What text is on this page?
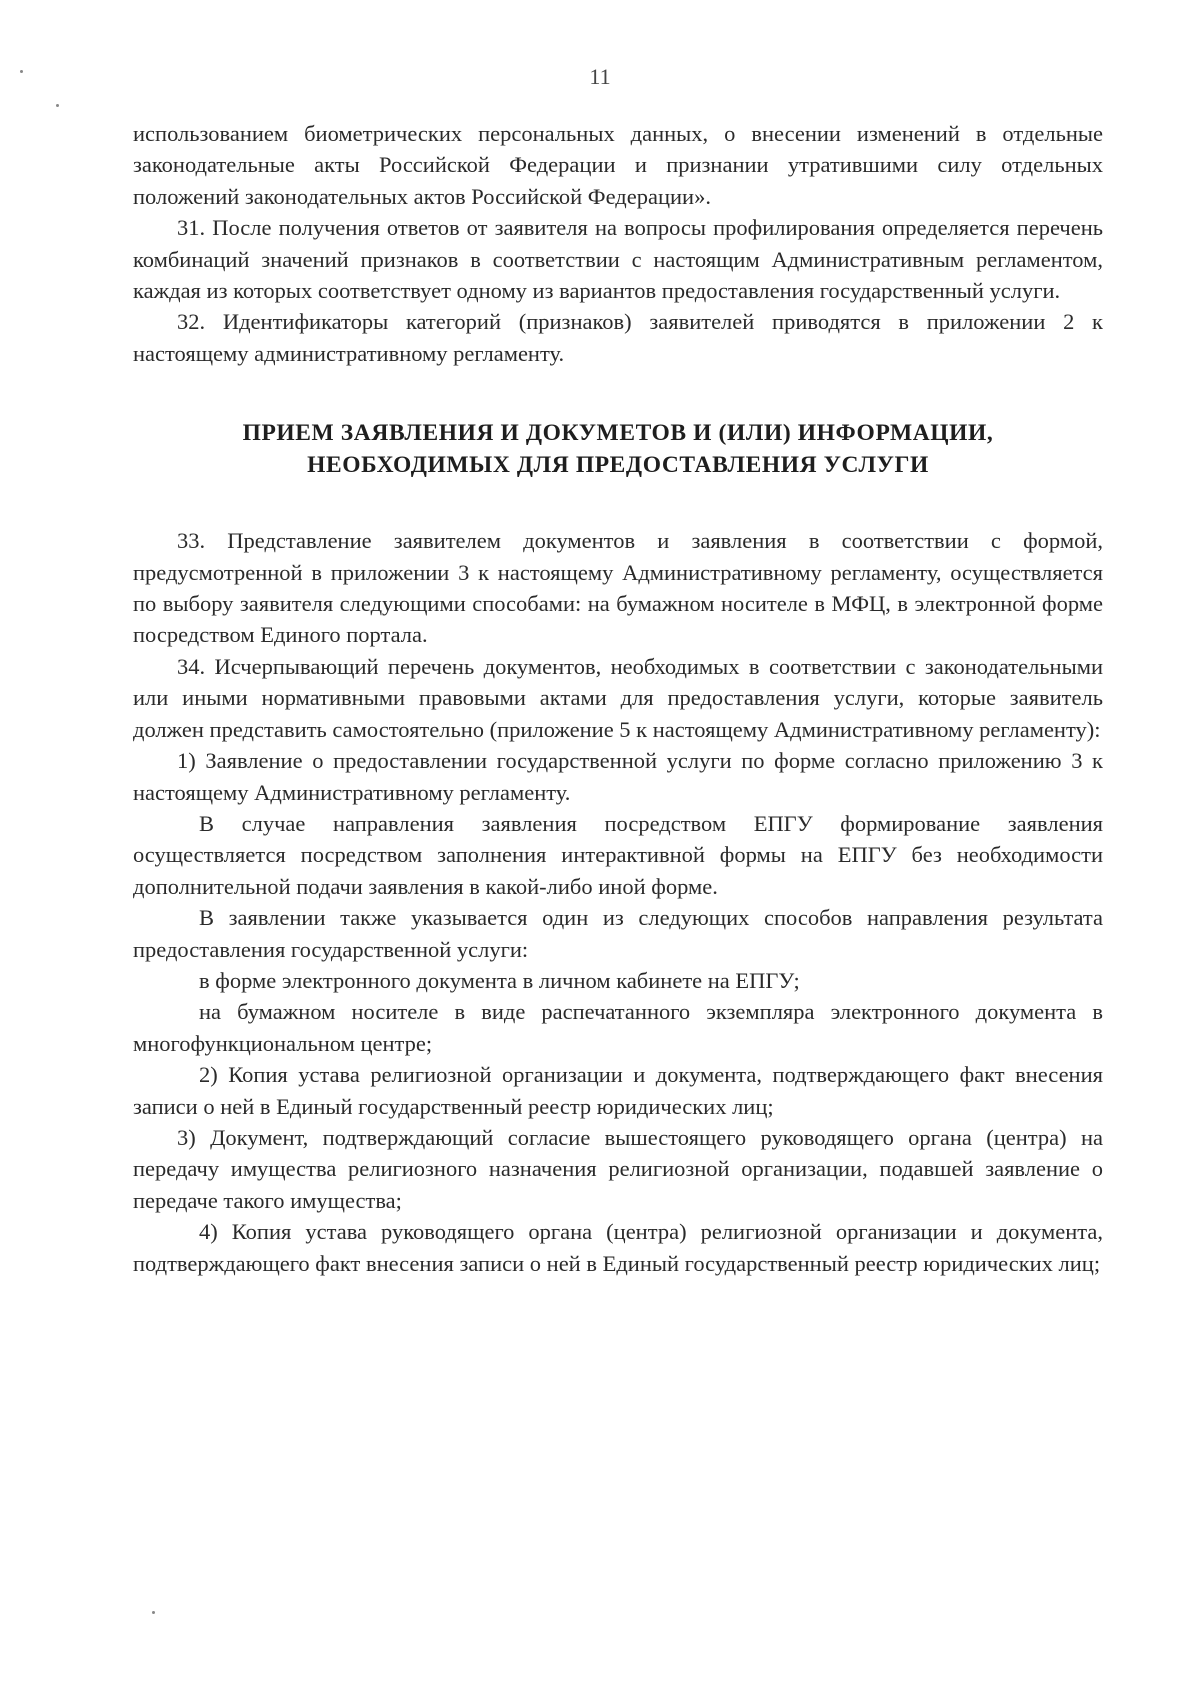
11

использованием биометрических персональных данных, о внесении изменений в отдельные законодательные акты Российской Федерации и признании утратившими силу отдельных положений законодательных актов Российской Федерации».

31. После получения ответов от заявителя на вопросы профилирования определяется перечень комбинаций значений признаков в соответствии с настоящим Административным регламентом, каждая из которых соответствует одному из вариантов предоставления государственный услуги.

32. Идентификаторы категорий (признаков) заявителей приводятся в приложении 2 к настоящему административному регламенту.

ПРИЕМ ЗАЯВЛЕНИЯ И ДОКУМЕТОВ И (ИЛИ) ИНФОРМАЦИИ,
НЕОБХОДИМЫХ ДЛЯ ПРЕДОСТАВЛЕНИЯ УСЛУГИ

33. Представление заявителем документов и заявления в соответствии с формой, предусмотренной в приложении 3 к настоящему Административному регламенту, осуществляется по выбору заявителя следующими способами: на бумажном носителе в МФЦ, в электронной форме посредством Единого портала.

34. Исчерпывающий перечень документов, необходимых в соответствии с законодательными или иными нормативными правовыми актами для предоставления услуги, которые заявитель должен представить самостоятельно (приложение 5 к настоящему Административному регламенту):

1) Заявление о предоставлении государственной услуги по форме согласно приложению 3 к настоящему Административному регламенту.

В случае направления заявления посредством ЕПГУ формирование заявления осуществляется посредством заполнения интерактивной формы на ЕПГУ без необходимости дополнительной подачи заявления в какой-либо иной форме.

В заявлении также указывается один из следующих способов направления результата предоставления государственной услуги:

в форме электронного документа в личном кабинете на ЕПГУ;

на бумажном носителе в виде распечатанного экземпляра электронного документа в многофункциональном центре;

2) Копия устава религиозной организации и документа, подтверждающего факт внесения записи о ней в Единый государственный реестр юридических лиц;

3) Документ, подтверждающий согласие вышестоящего руководящего органа (центра) на передачу имущества религиозного назначения религиозной организации, подавшей заявление о передаче такого имущества;

4) Копия устава руководящего органа (центра) религиозной организации и документа, подтверждающего факт внесения записи о ней в Единый государственный реестр юридических лиц;
